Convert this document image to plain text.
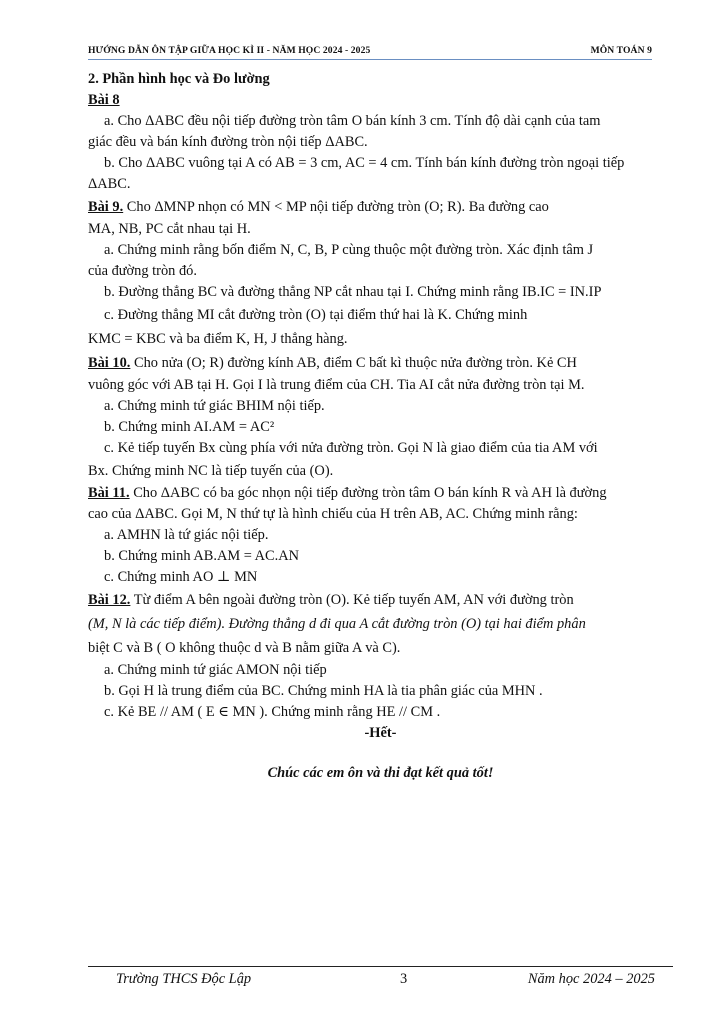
HƯỚNG DẪN ÔN TẬP GIỮA HỌC KÌ II - NĂM HỌC 2024 - 2025	MÔN TOÁN 9
2. Phần hình học và Đo lường
Bài 8
a. Cho ΔABC đều nội tiếp đường tròn tâm O bán kính 3 cm. Tính độ dài cạnh của tam
giác đều và bán kính đường tròn nội tiếp ΔABC.
b. Cho ΔABC vuông tại A có AB = 3 cm, AC = 4 cm. Tính bán kính đường tròn ngoại tiếp
ΔABC.
Bài 9. Cho ΔMNP nhọn có MN < MP nội tiếp đường tròn (O; R). Ba đường cao
MA, NB, PC cắt nhau tại H.
a. Chứng minh rằng bốn điểm N, C, B, P cùng thuộc một đường tròn. Xác định tâm J
của đường tròn đó.
b. Đường thẳng BC và đường thẳng NP cắt nhau tại I. Chứng minh rằng IB.IC = IN.IP
c. Đường thẳng MI cắt đường tròn (O) tại điểm thứ hai là K. Chứng minh
KMC = KBC và ba điểm K, H, J thẳng hàng.
Bài 10. Cho nửa (O; R) đường kính AB, điểm C bất kì thuộc nửa đường tròn. Kẻ CH
vuông góc với AB tại H. Gọi I là trung điểm của CH. Tia AI cắt nửa đường tròn tại M.
a. Chứng minh tứ giác BHIM nội tiếp.
b. Chứng minh AI.AM = AC²
c. Kẻ tiếp tuyến Bx cùng phía với nửa đường tròn. Gọi N là giao điểm của tia AM với
Bx. Chứng minh NC là tiếp tuyến của (O).
Bài 11. Cho ΔABC có ba góc nhọn nội tiếp đường tròn tâm O bán kính R và AH là đường
cao của ΔABC. Gọi M, N thứ tự là hình chiếu của H trên AB, AC. Chứng minh rằng:
a. AMHN là tứ giác nội tiếp.
b. Chứng minh AB.AM = AC.AN
c. Chứng minh AO ⊥ MN
Bài 12. Từ điểm A bên ngoài đường tròn (O). Kẻ tiếp tuyến AM, AN với đường tròn
(M, N là các tiếp điểm). Đường thẳng d đi qua A cắt đường tròn (O) tại hai điểm phân
biệt C và B ( O không thuộc d và B nằm giữa A và C).
a. Chứng minh tứ giác AMON nội tiếp
b. Gọi H là trung điểm của BC. Chứng minh HA là tia phân giác của MHN .
c. Kẻ BE // AM ( E ∈ MN ). Chứng minh rằng HE // CM .
-Hết-
Chúc các em ôn và thi đạt kết quả tốt!
Trường THCS Độc Lập	3	Năm học 2024 – 2025
